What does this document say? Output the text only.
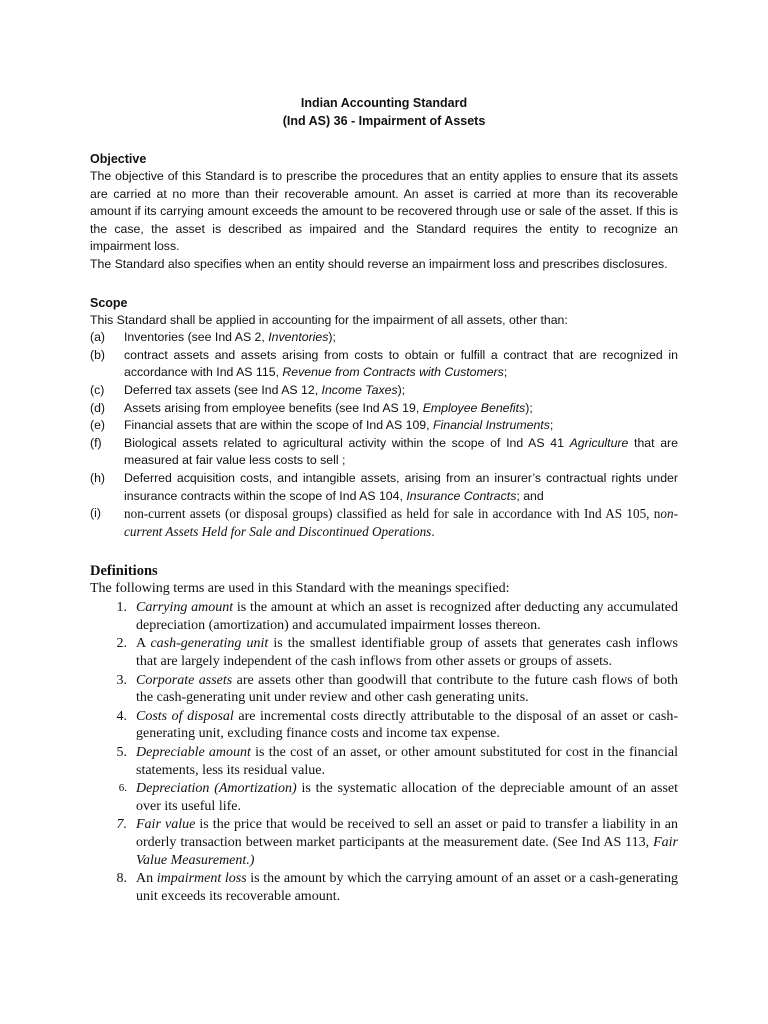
Indian Accounting Standard
(Ind AS) 36 - Impairment of Assets
Objective

The objective of this Standard is to prescribe the procedures that an entity applies to ensure that its assets are carried at no more than their recoverable amount. An asset is carried at more than its recoverable amount if its carrying amount exceeds the amount to be recovered through use or sale of the asset. If this is the case, the asset is described as impaired and the Standard requires the entity to recognize an impairment loss.

The Standard also specifies when an entity should reverse an impairment loss and prescribes disclosures.

Scope

This Standard shall be applied in accounting for the impairment of all assets, other than:

(a)	Inventories (see Ind AS 2, Inventories);
(b)	contract assets and assets arising from costs to obtain or fulfill a contract that are recognized in accordance with Ind AS 115, Revenue from Contracts with Customers;
(c)	Deferred tax assets (see Ind AS 12, Income Taxes);
(d)	Assets arising from employee benefits (see Ind AS 19, Employee Benefits);
(e)	Financial assets that are within the scope of Ind AS 109, Financial Instruments;
(f)	Biological assets related to agricultural activity within the scope of Ind AS 41 Agriculture that are measured at fair value less costs to sell ;
(h)	Deferred acquisition costs, and intangible assets, arising from an insurer’s contractual rights under insurance contracts within the scope of Ind AS 104, Insurance Contracts; and
(i)	non-current assets (or disposal groups) classified as held for sale in accordance with Ind AS 105, non-current Assets Held for Sale and Discontinued Operations.
Definitions
The following terms are used in this Standard with the meanings specified:
1. Carrying amount is the amount at which an asset is recognized after deducting any accumulated depreciation (amortization) and accumulated impairment losses thereon.
2. A cash-generating unit is the smallest identifiable group of assets that generates cash inflows that are largely independent of the cash inflows from other assets or groups of assets.
3. Corporate assets are assets other than goodwill that contribute to the future cash flows of both the cash-generating unit under review and other cash generating units.
4. Costs of disposal are incremental costs directly attributable to the disposal of an asset or cash-generating unit, excluding finance costs and income tax expense.
5. Depreciable amount is the cost of an asset, or other amount substituted for cost in the financial statements, less its residual value.
6. Depreciation (Amortization) is the systematic allocation of the depreciable amount of an asset over its useful life.
7. Fair value is the price that would be received to sell an asset or paid to transfer a liability in an orderly transaction between market participants at the measurement date. (See Ind AS 113, Fair Value Measurement.)
8. An impairment loss is the amount by which the carrying amount of an asset or a cash-generating unit exceeds its recoverable amount.
